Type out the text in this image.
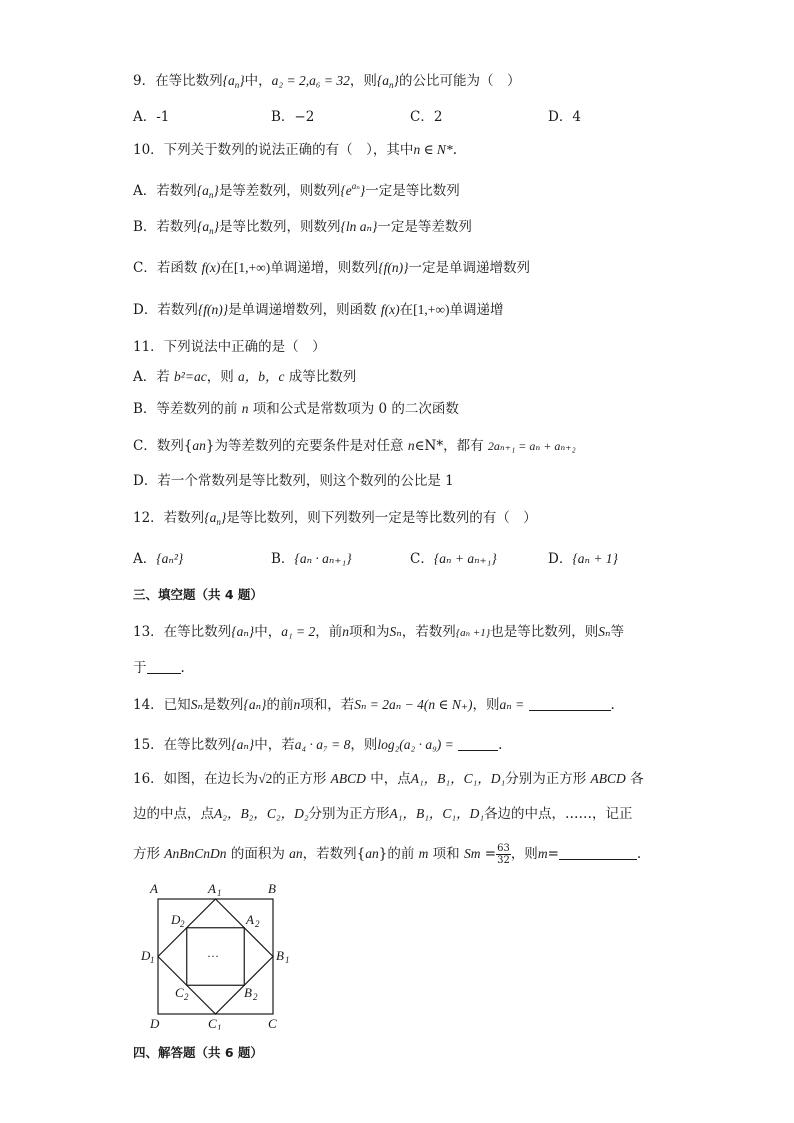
9．在等比数列$\{a_n\}$中，a₂ = 2,a₆ = 32，则$\{a_n\}$的公比可能为（　）
A．-1	B．−2	C．2	D．4
10．下列关于数列的说法正确的有（　），其中n ∈ N*.
A．若数列$\{a_n\}$是等差数列，则数列$\{e^{a_n}\}$一定是等比数列
B．若数列$\{a_n\}$是等比数列，则数列{ln aₙ}一定是等差数列
C．若函数 f(x)在[1,+∞)单调递增，则数列{f(n)}一定是单调递增数列
D．若数列{f(n)}是单调递增数列，则函数 f(x)在[1,+∞)单调递增
11．下列说法中正确的是（　）
A．若 b²=ac，则 a，b，c 成等比数列
B．等差数列的前 n 项和公式是常数项为 0 的二次函数
C．数列{an}为等差数列的充要条件是对任意 n∈N*，都有 2aₙ₊₁ = aₙ + aₙ₊₂
D．若一个常数列是等比数列，则这个数列的公比是 1
12．若数列$\{a_n\}$是等比数列，则下列数列一定是等比数列的有（　）
A．{aₙ²}	B．{aₙ · aₙ₊₁}	C．{aₙ + aₙ₊₁}	D．{aₙ + 1}
三、填空题（共 4 题）
13．在等比数列{aₙ}中，a₁ = 2，前n项和为Sₙ，若数列{aₙ +1}也是等比数列，则Sₙ等
于	.
14．已知Sₙ是数列{aₙ}的前n项和，若Sₙ = 2aₙ − 4(n ∈ N₊)，则aₙ =	.
15．在等比数列{aₙ}中，若a₄ · a₇ = 8，则log₂(a₂ · a₉) =	.
16．如图，在边长为√2的正方形 ABCD 中，点A₁，B₁，C₁，D₁分别为正方形 ABCD 各
边的中点，点A₂，B₂，C₂，D₂分别为正方形A₁，B₁，C₁，D₁各边的中点，……，记正
方形 AnBnCnDn 的面积为 an，若数列{an}的前 m 项和 $Sm = \frac{63}{32}$ ，则m=	.
A	B
C
D
A 1
B 1
C 1
D 1
A 2
B 2
C 2
D 2
···
四、解答题（共 6 题）
